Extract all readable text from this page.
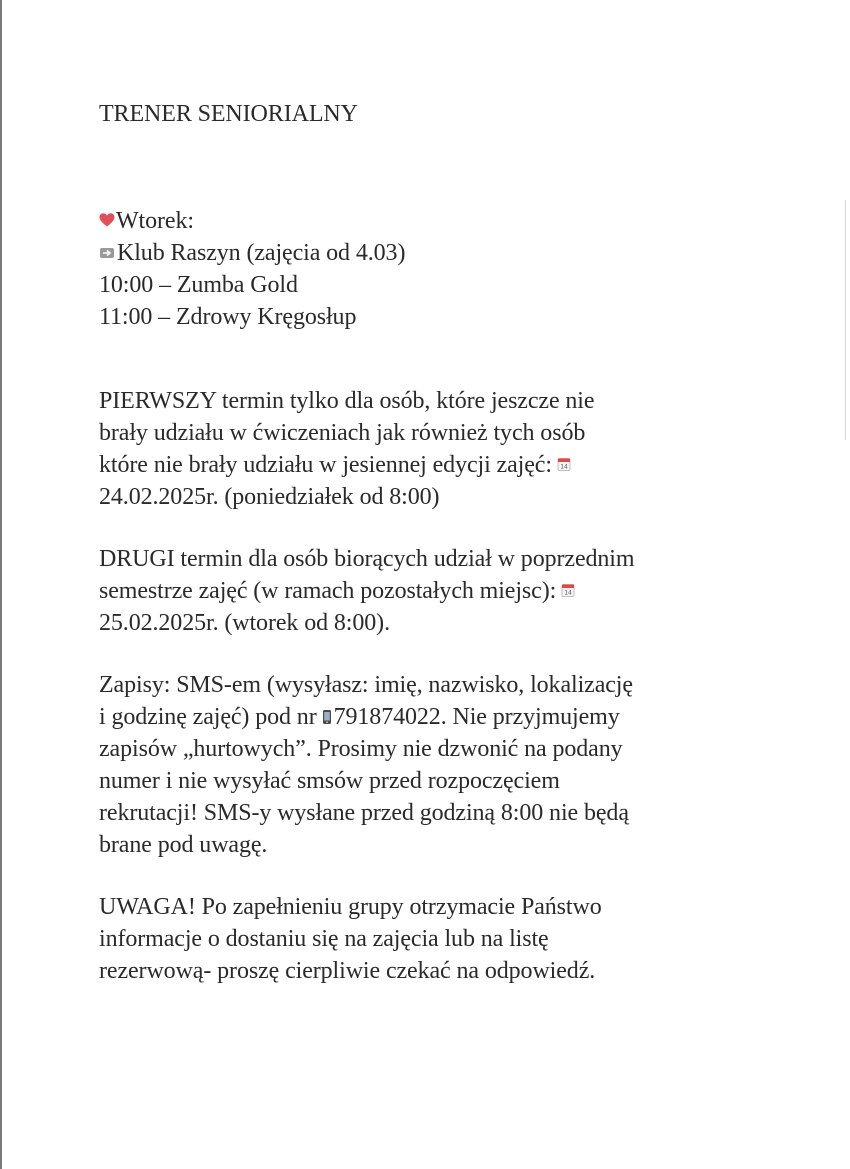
TRENER SENIORIALNY
Wtorek:
Klub Raszyn (zajęcia od 4.03)
10:00 – Zumba Gold
11:00 – Zdrowy Kręgosłup
PIERWSZY termin tylko dla osób, które jeszcze nie
brały udziału w ćwiczeniach jak również tych osób
które nie brały udziału w jesiennej edycji zajęć: 14
24.02.2025r. (poniedziałek od 8:00)
DRUGI termin dla osób biorących udział w poprzednim
semestrze zajęć (w ramach pozostałych miejsc): 14
25.02.2025r. (wtorek od 8:00).
Zapisy: SMS-em (wysyłasz: imię, nazwisko, lokalizację
i godzinę zajęć) pod nr 791874022. Nie przyjmujemy
zapisów „hurtowych”. Prosimy nie dzwonić na podany
numer i nie wysyłać smsów przed rozpoczęciem
rekrutacji! SMS-y wysłane przed godziną 8:00 nie będą
brane pod uwagę.
UWAGA! Po zapełnieniu grupy otrzymacie Państwo
informacje o dostaniu się na zajęcia lub na listę
rezerwową- proszę cierpliwie czekać na odpowiedź.
